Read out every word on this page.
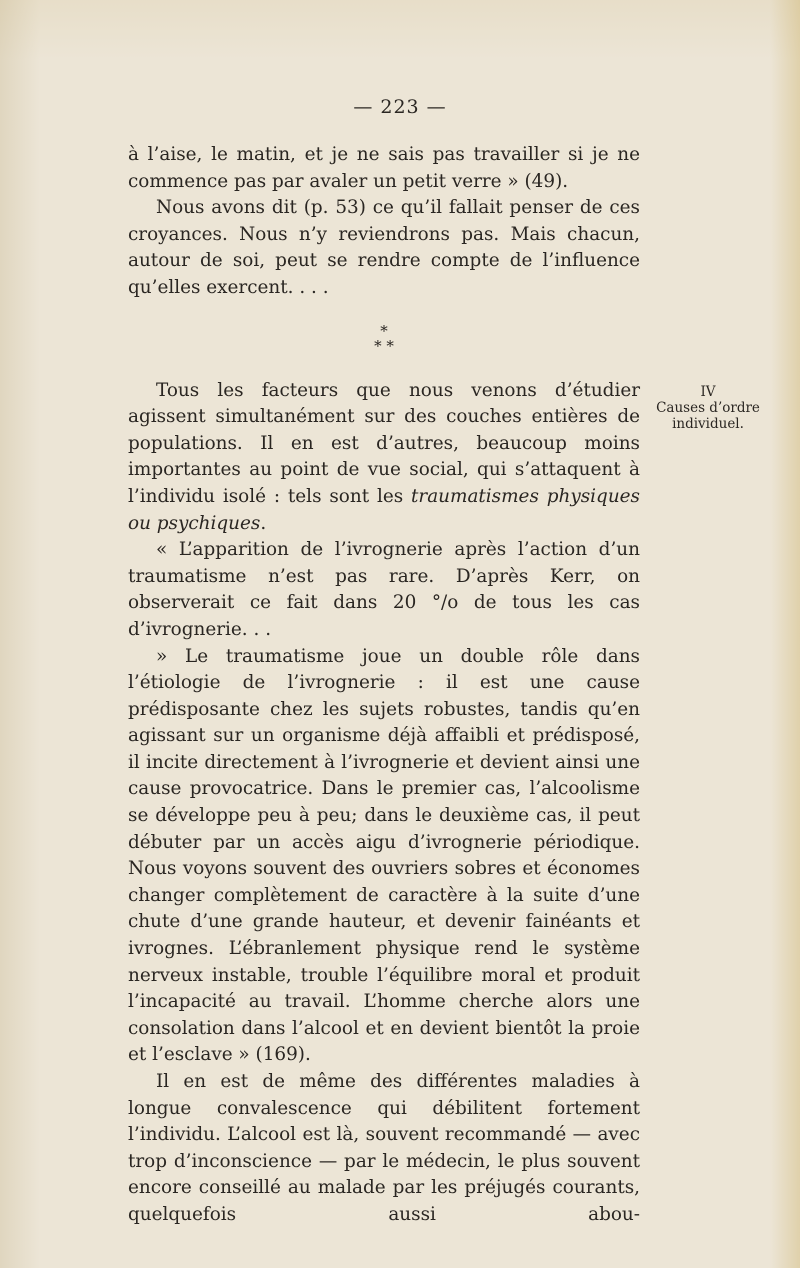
— 223 —

à l’aise, le matin, et je ne sais pas travailler si je ne commence pas par avaler un petit verre » (49).

Nous avons dit (p. 53) ce qu’il fallait penser de ces croyances. Nous n’y reviendrons pas. Mais chacun, autour de soi, peut se rendre compte de l’influence qu’elles exercent. . . .

*
* *

Tous les facteurs que nous venons d’étudier agissent simultanément sur des couches entières de populations. Il en est d’autres, beaucoup moins importantes au point de vue social, qui s’attaquent à l’individu isolé : tels sont les traumatismes physiques ou psychiques.

« L’apparition de l’ivrognerie après l’action d’un traumatisme n’est pas rare. D’après Kerr, on observerait ce fait dans 20 °/o de tous les cas d’ivrognerie. . .

» Le traumatisme joue un double rôle dans l’étiologie de l’ivrognerie : il est une cause prédisposante chez les sujets robustes, tandis qu’en agissant sur un organisme déjà affaibli et prédisposé, il incite directement à l’ivrognerie et devient ainsi une cause provocatrice. Dans le premier cas, l’alcoolisme se développe peu à peu; dans le deuxième cas, il peut débuter par un accès aigu d’ivrognerie périodique. Nous voyons souvent des ouvriers sobres et économes changer complètement de caractère à la suite d’une chute d’une grande hauteur, et devenir fainéants et ivrognes. L’ébranlement physique rend le système nerveux instable, trouble l’équilibre moral et produit l’incapacité au travail. L’homme cherche alors une consolation dans l’alcool et en devient bientôt la proie et l’esclave » (169).

Il en est de même des différentes maladies à longue convalescence qui débilitent fortement l’individu. L’alcool est là, souvent recommandé — avec trop d’inconscience — par le médecin, le plus souvent encore conseillé au malade par les préjugés courants, quelquefois aussi abou-

IV
Causes d’ordre
individuel.
